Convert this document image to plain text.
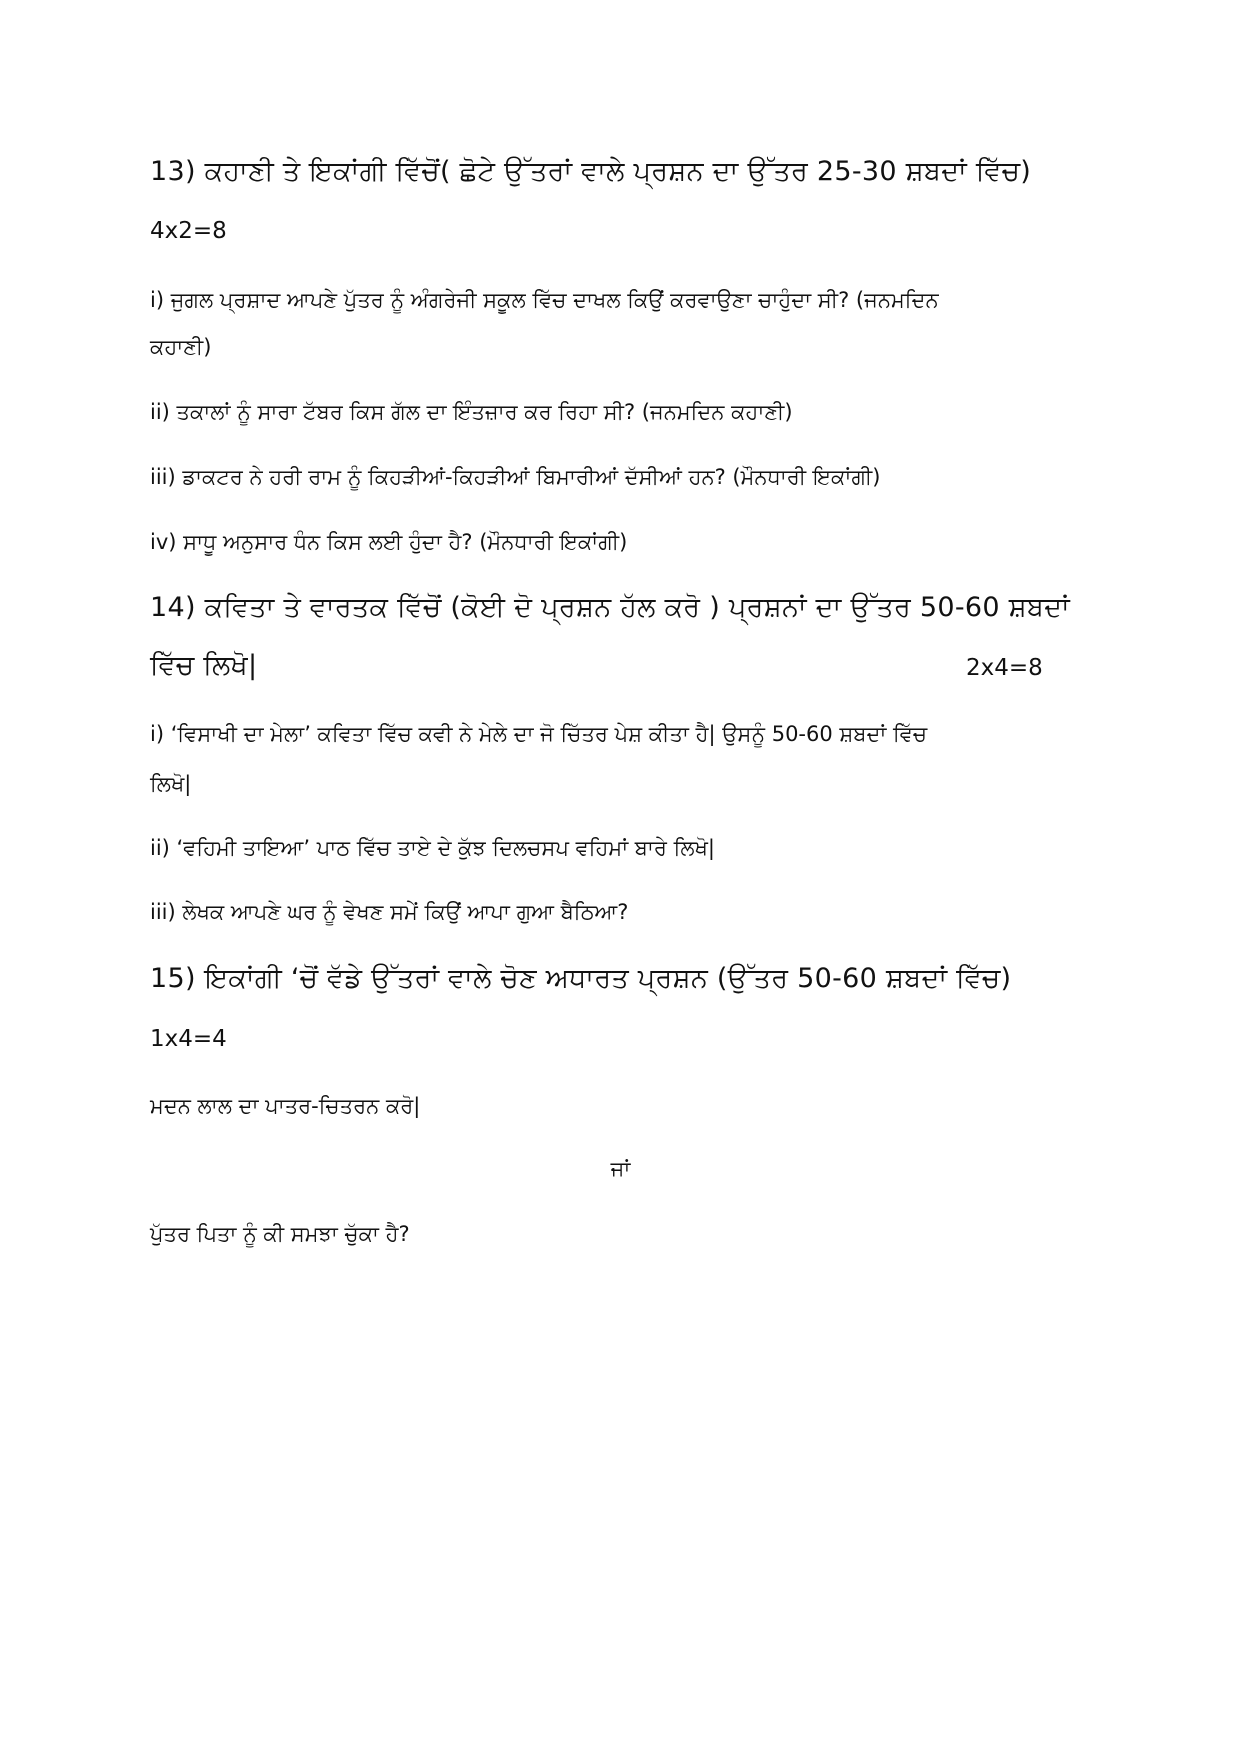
13) ਕਹਾਣੀ ਤੇ ਇਕਾਂਗੀ ਵਿੱਚੋਂ( ਛੋਟੇ ਉੱਤਰਾਂ ਵਾਲੇ ਪ੍ਰਸ਼ਨ ਦਾ ਉੱਤਰ 25-30 ਸ਼ਬਦਾਂ ਵਿੱਚ)
4x2=8
i) ਜੁਗਲ ਪ੍ਰਸ਼ਾਦ ਆਪਣੇ ਪੁੱਤਰ ਨੂੰ ਅੰਗਰੇਜੀ ਸਕੂਲ ਵਿੱਚ ਦਾਖਲ ਕਿਉਂ ਕਰਵਾਉਣਾ ਚਾਹੁੰਦਾ ਸੀ? (ਜਨਮਦਿਨ
ਕਹਾਣੀ)
ii) ਤਕਾਲਾਂ ਨੂੰ ਸਾਰਾ ਟੱਬਰ ਕਿਸ ਗੱਲ ਦਾ ਇੰਤਜ਼ਾਰ ਕਰ ਰਿਹਾ ਸੀ? (ਜਨਮਦਿਨ ਕਹਾਣੀ)
iii) ਡਾਕਟਰ ਨੇ ਹਰੀ ਰਾਮ ਨੂੰ ਕਿਹੜੀਆਂ-ਕਿਹੜੀਆਂ ਬਿਮਾਰੀਆਂ ਦੱਸੀਆਂ ਹਨ? (ਮੌਨਧਾਰੀ ਇਕਾਂਗੀ)
iv) ਸਾਧੂ ਅਨੁਸਾਰ ਧੰਨ ਕਿਸ ਲਈ ਹੁੰਦਾ ਹੈ? (ਮੌਨਧਾਰੀ ਇਕਾਂਗੀ)
14) ਕਵਿਤਾ ਤੇ ਵਾਰਤਕ ਵਿੱਚੋਂ (ਕੋਈ ਦੋ ਪ੍ਰਸ਼ਨ ਹੱਲ ਕਰੋ ) ਪ੍ਰਸ਼ਨਾਂ ਦਾ ਉੱਤਰ 50-60 ਸ਼ਬਦਾਂ
ਵਿੱਚ ਲਿਖੋ|	2x4=8
i) ‘ਵਿਸਾਖੀ ਦਾ ਮੇਲਾ’ ਕਵਿਤਾ ਵਿੱਚ ਕਵੀ ਨੇ ਮੇਲੇ ਦਾ ਜੋ ਚਿੱਤਰ ਪੇਸ਼ ਕੀਤਾ ਹੈ| ਉਸਨੂੰ 50-60 ਸ਼ਬਦਾਂ ਵਿੱਚ
ਲਿਖੋ|
ii) ‘ਵਹਿਮੀ ਤਾਇਆ’ ਪਾਠ ਵਿੱਚ ਤਾਏ ਦੇ ਕੁੱਝ ਦਿਲਚਸਪ ਵਹਿਮਾਂ ਬਾਰੇ ਲਿਖੋ|
iii) ਲੇਖਕ ਆਪਣੇ ਘਰ ਨੂੰ ਵੇਖਣ ਸਮੇਂ ਕਿਉਂ ਆਪਾ ਗੁਆ ਬੈਠਿਆ?
15) ਇਕਾਂਗੀ ‘ਚੋਂ ਵੱਡੇ ਉੱਤਰਾਂ ਵਾਲੇ ਚੋਣ ਅਧਾਰਤ ਪ੍ਰਸ਼ਨ (ਉੱਤਰ 50-60 ਸ਼ਬਦਾਂ ਵਿੱਚ)
1x4=4
ਮਦਨ ਲਾਲ ਦਾ ਪਾਤਰ-ਚਿਤਰਨ ਕਰੋ|
ਜਾਂ
ਪੁੱਤਰ ਪਿਤਾ ਨੂੰ ਕੀ ਸਮਝਾ ਚੁੱਕਾ ਹੈ?
